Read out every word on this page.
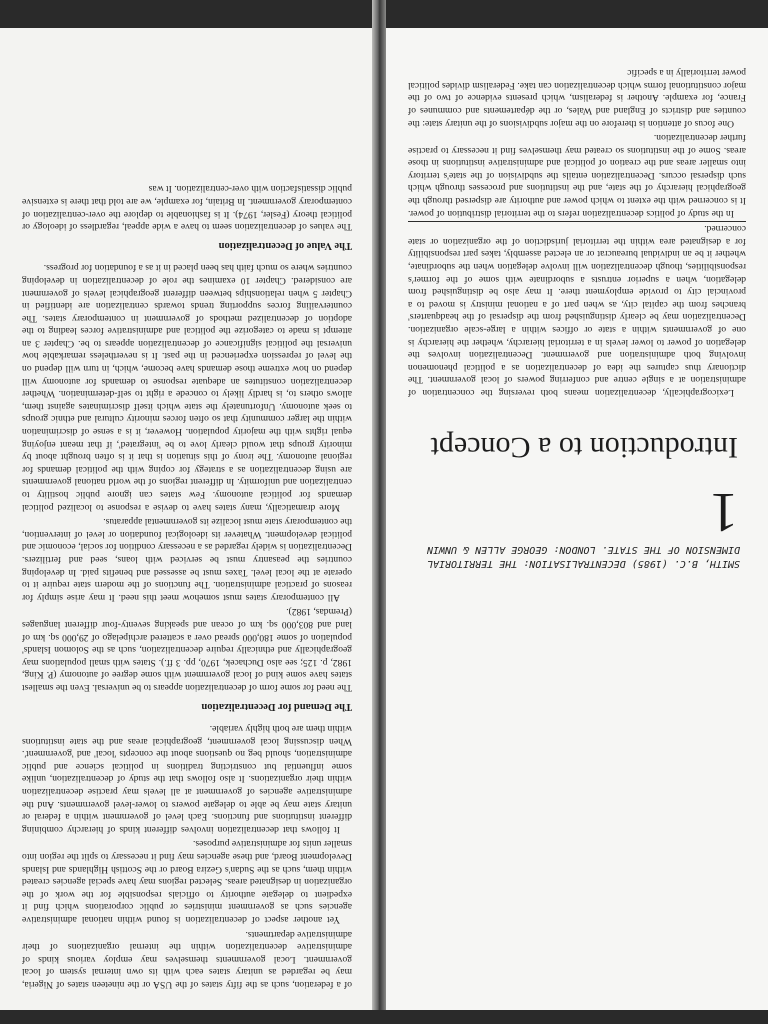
of a federation, such as the fifty states of the USA or the nineteen states of Nigeria, may be regarded as unitary states each with its own internal system of local government. Local governments themselves may employ various kinds of administrative decentralization within the internal organizations of their administrative departments.

Yet another aspect of decentralization is found within national administrative agencies such as government ministries or public corporations which find it expedient to delegate authority to officials responsible for the work of the organization in designated areas. Selected regions may have special agencies created within them, such as the Sudan's Gezira Board or the Scottish Highlands and Islands Development Board, and these agencies may find it necessary to split the region into smaller units for administrative purposes.

It follows that decentralization involves different kinds of hierarchy combining different institutions and functions. Each level of government within a federal or unitary state may be able to delegate powers to lower-level governments. And the administrative agencies of government at all levels may practise decentralization within their organizations. It also follows that the study of decentralization, unlike some influential but constricting traditions in political science and public administration, should beg no questions about the concepts 'local' and 'government'. When discussing local government, geographical areas and the state institutions within them are both highly variable.

The Demand for Decentralization

The need for some form of decentralization appears to be universal. Even the smallest states have some kind of local government with some degree of autonomy (P. King, 1982, p. 125; see also Duchacek, 1970, pp. 3 ff.). States with small populations may geographically and ethnically require decentralization, such as the Solomon Islands' population of some 180,000 spread over a scattered archipelago of 29,000 sq. km of land and 803,000 sq. km of ocean and speaking seventy-four different languages (Premdas, 1982).

All contemporary states must somehow meet this need. It may arise simply for reasons of practical administration. The functions of the modern state require it to operate at the local level. Taxes must be assessed and benefits paid. In developing countries the peasantry must be serviced with loans, seed and fertilizers. Decentralization is widely regarded as a necessary condition for social, economic and political development. Whatever its ideological foundation or level of intervention, the contemporary state must localize its governmental apparatus.

More dramatically, many states have to devise a response to localized political demands for political autonomy. Few states can ignore public hostility to centralization and uniformity. In different regions of the world national governments are using decentralization as a strategy for coping with the political demands for regional autonomy. The irony of this situation is that it is often brought about by minority groups that would clearly love to be 'integrated', if that meant enjoying equal rights with the majority population. However, it is a sense of discrimination within the larger community that so often forces minority cultural and ethnic groups to seek autonomy. Unfortunately the state which itself discriminates against them, allows others to, is hardly likely to concede a right to self-determination. Whether decentralization constitutes an adequate response to demands for autonomy will depend on how extreme those demands have become, which, in turn will depend on the level of repression experienced in the past. It is nevertheless remarkable how universal the political significance of decentralization appears to be. Chapter 3 an attempt is made to categorize the political and administrative forces leading to the adoption of decentralized methods of government in contemporary states. The countervailing forces supporting trends towards centralization are identified in Chapter 5 when relationships between different geographical levels of government are considered. Chapter 10 examines the role of decentralization in developing countries where so much faith has been placed in it as a foundation for progress.

The Value of Decentralization

The values of decentralization seem to have a wide appeal, regardless of ideology or political theory (Fesler, 1974). It is fashionable to deplore the over-centralization of contemporary government. In Britain, for example, we are told that there is extensive public dissatisfaction with over-centralization. It was

SMITH, B.C. (1985) DECENTRALISATION: THE TERRITORIAL
DIMENSION OF THE STATE. LONDON: GEORGE ALLEN & UNWIN
1
Introduction to a Concept

Lexicographically, decentralization means both reversing the concentration of administration at a single centre and conferring powers of local government. The dictionary thus captures the idea of decentralization as a political phenomenon involving both administration and government. Decentralization involves the delegation of power to lower levels in a territorial hierarchy, whether the hierarchy is one of governments within a state or offices within a large-scale organization. Decentralization may be clearly distinguished from the dispersal of the headquarters' branches from the capital city, as when part of a national ministry is moved to a provincial city to provide employment there. It may also be distinguished from delegation, when a superior entrusts a subordinate with some of the former's responsibilities, though decentralization will involve delegation when the subordinate, whether it be an individual bureaucrat or an elected assembly, takes part responsibility for a designated area within the territorial jurisdiction of the organization or state concerned.

In the study of politics decentralization refers to the territorial distribution of power. It is concerned with the extent to which power and authority are dispersed through the geographical hierarchy of the state, and the institutions and processes through which such dispersal occurs. Decentralization entails the subdivision of the state's territory into smaller areas and the creation of political and administrative institutions in those areas. Some of the institutions so created may themselves find it necessary to practise further decentralization.

One focus of attention is therefore on the major subdivisions of the unitary state: the counties and districts of England and Wales, or the départements and communes of France, for example. Another is federalism, which presents evidence of two of the major constitutional forms which decentralization can take. Federalism divides political power territorially in a specific
